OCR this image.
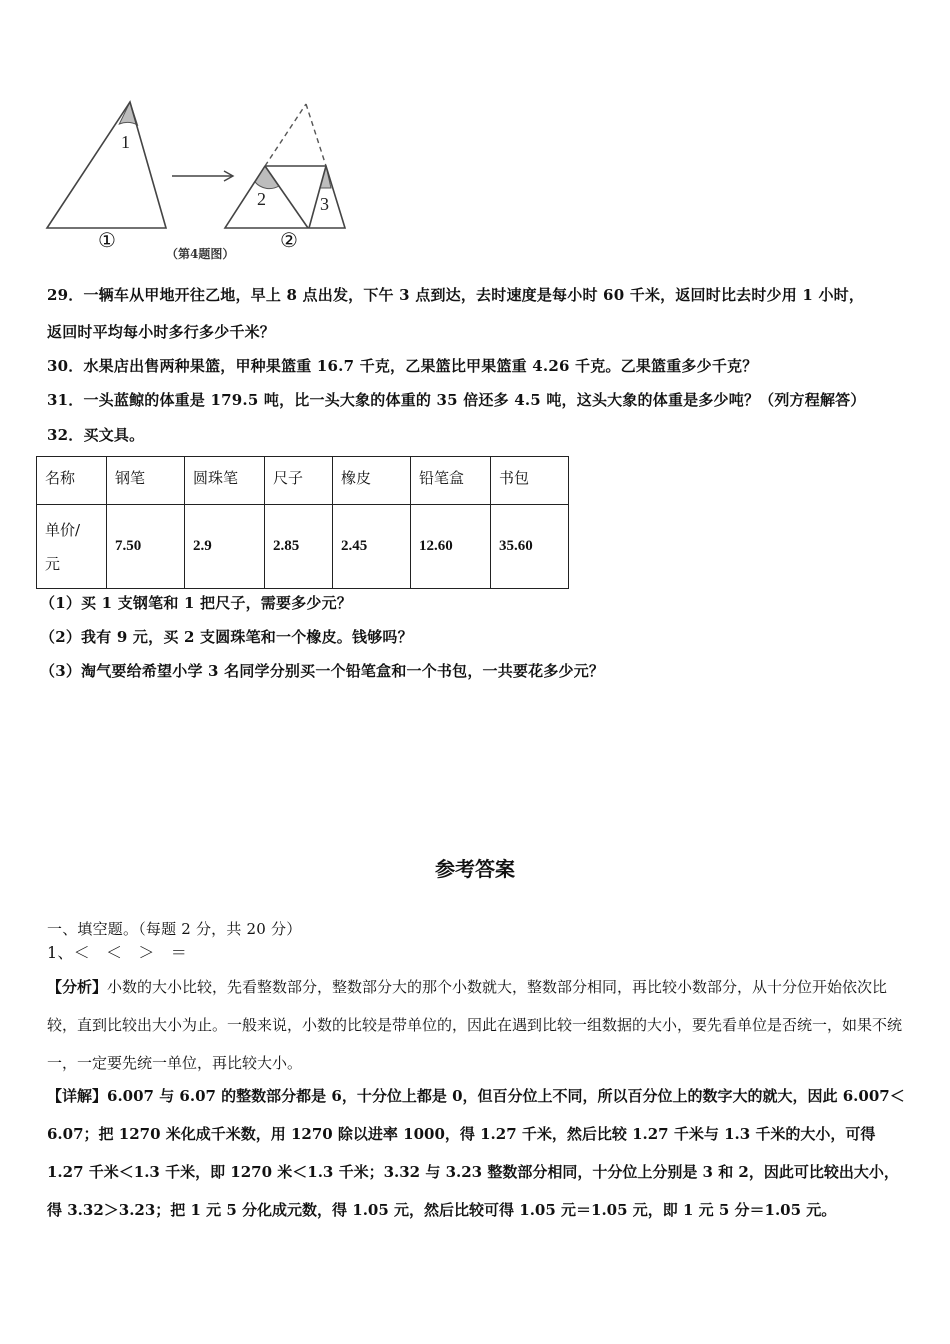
1
2	3
①	②
（第4题图）
29．一辆车从甲地开往乙地，早上 8 点出发，下午 3 点到达，去时速度是每小时 60 千米，返回时比去时少用 1 小时，
返回时平均每小时多行多少千米？
30．水果店出售两种果篮，甲种果篮重 16.7 千克，乙果篮比甲果篮重 4.26 千克。乙果篮重多少千克？
31．一头蓝鲸的体重是 179.5 吨，比一头大象的体重的 35 倍还多 4.5 吨，这头大象的体重是多少吨？（列方程解答）
32．买文具。
名称	钢笔	圆珠笔	尺子	橡皮	铅笔盒	书包

单价/
元	7.50	2.9	2.85	2.45	12.60	35.60
（1）买 1 支钢笔和 1 把尺子，需要多少元？
（2）我有 9 元，买 2 支圆珠笔和一个橡皮。钱够吗？
（3）淘气要给希望小学 3 名同学分别买一个铅笔盒和一个书包，一共要花多少元？
参考答案
一、填空题。（每题 2 分，共 20 分）
1、＜　＜　＞　＝
【分析】小数的大小比较，先看整数部分，整数部分大的那个小数就大，整数部分相同，再比较小数部分，从十分位开始依次比较，直到比较出大小为止。一般来说，小数的比较是带单位的，因此在遇到比较一组数据的大小，要先看单位是否统一，如果不统一，一定要先统一单位，再比较大小。
【详解】6.007 与 6.07 的整数部分都是 6，十分位上都是 0，但百分位上不同，所以百分位上的数字大的就大，因此 6.007＜6.07；把 1270 米化成千米数，用 1270 除以进率 1000，得 1.27 千米，然后比较 1.27 千米与 1.3 千米的大小，可得 1.27 千米＜1.3 千米，即 1270 米＜1.3 千米；3.32 与 3.23 整数部分相同，十分位上分别是 3 和 2，因此可比较出大小，得 3.32＞3.23；把 1 元 5 分化成元数，得 1.05 元，然后比较可得 1.05 元＝1.05 元，即 1 元 5 分＝1.05 元。
